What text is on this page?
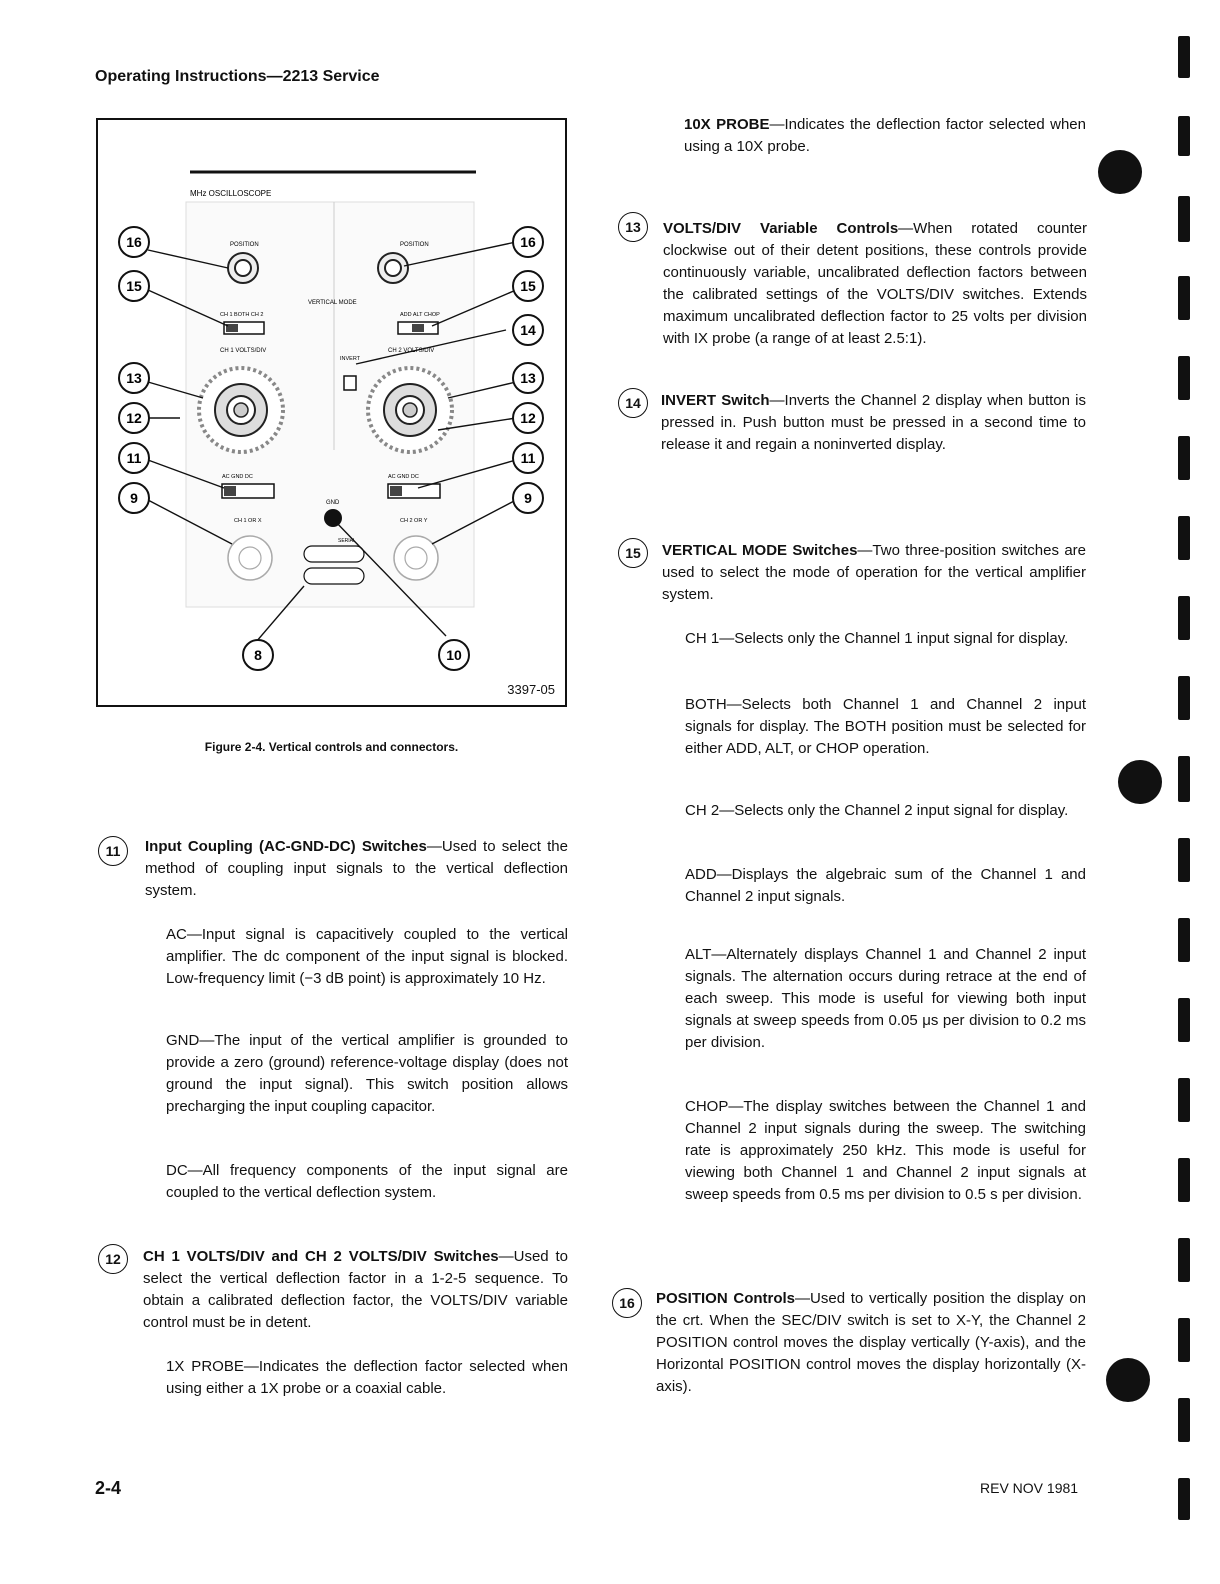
Operating Instructions—2213 Service
MHz OSCILLOSCOPE
POSITION	POSITION
VERTICAL MODE
CH 1 BOTH CH 2	ADD ALT CHOP
CH 1 VOLTS/DIV	CH 2 VOLTS/DIV
INVERT
AC GND DC	AC GND DC
GND
SERIAL
CH 1 OR X	CH 2 OR Y
16
15
13
12
11
9
16
15
14
13
12
11
9
8	10
3397-05
Figure 2-4. Vertical controls and connectors.
11	Input Coupling (AC-GND-DC) Switches—Used to select the method of coupling input signals to the vertical deflection system.
AC—Input signal is capacitively coupled to the vertical amplifier. The dc component of the input signal is blocked. Low-frequency limit (−3 dB point) is approximately 10 Hz.
GND—The input of the vertical amplifier is grounded to provide a zero (ground) reference-voltage display (does not ground the input signal). This switch position allows precharging the input coupling capacitor.
DC—All frequency components of the input signal are coupled to the vertical deflection system.
12	CH 1 VOLTS/DIV and CH 2 VOLTS/DIV Switches—Used to select the vertical deflection factor in a 1-2-5 sequence. To obtain a calibrated deflection factor, the VOLTS/DIV variable control must be in detent.
1X PROBE—Indicates the deflection factor selected when using either a 1X probe or a coaxial cable.
10X PROBE—Indicates the deflection factor selected when using a 10X probe.
13	VOLTS/DIV Variable Controls—When rotated counter clockwise out of their detent positions, these controls provide continuously variable, uncalibrated deflection factors between the calibrated settings of the VOLTS/DIV switches. Extends maximum uncalibrated deflection factor to 25 volts per division with IX probe (a range of at least 2.5:1).
14	INVERT Switch—Inverts the Channel 2 display when button is pressed in. Push button must be pressed in a second time to release it and regain a noninverted display.
15	VERTICAL MODE Switches—Two three-position switches are used to select the mode of operation for the vertical amplifier system.
CH 1—Selects only the Channel 1 input signal for display.
BOTH—Selects both Channel 1 and Channel 2 input signals for display. The BOTH position must be selected for either ADD, ALT, or CHOP operation.
CH 2—Selects only the Channel 2 input signal for display.
ADD—Displays the algebraic sum of the Channel 1 and Channel 2 input signals.
ALT—Alternately displays Channel 1 and Channel 2 input signals. The alternation occurs during retrace at the end of each sweep. This mode is useful for viewing both input signals at sweep speeds from 0.05 μs per division to 0.2 ms per division.
CHOP—The display switches between the Channel 1 and Channel 2 input signals during the sweep. The switching rate is approximately 250 kHz. This mode is useful for viewing both Channel 1 and Channel 2 input signals at sweep speeds from 0.5 ms per division to 0.5 s per division.
16	POSITION Controls—Used to vertically position the display on the crt. When the SEC/DIV switch is set to X-Y, the Channel 2 POSITION control moves the display vertically (Y-axis), and the Horizontal POSITION control moves the display horizontally (X-axis).
2-4	REV NOV 1981
